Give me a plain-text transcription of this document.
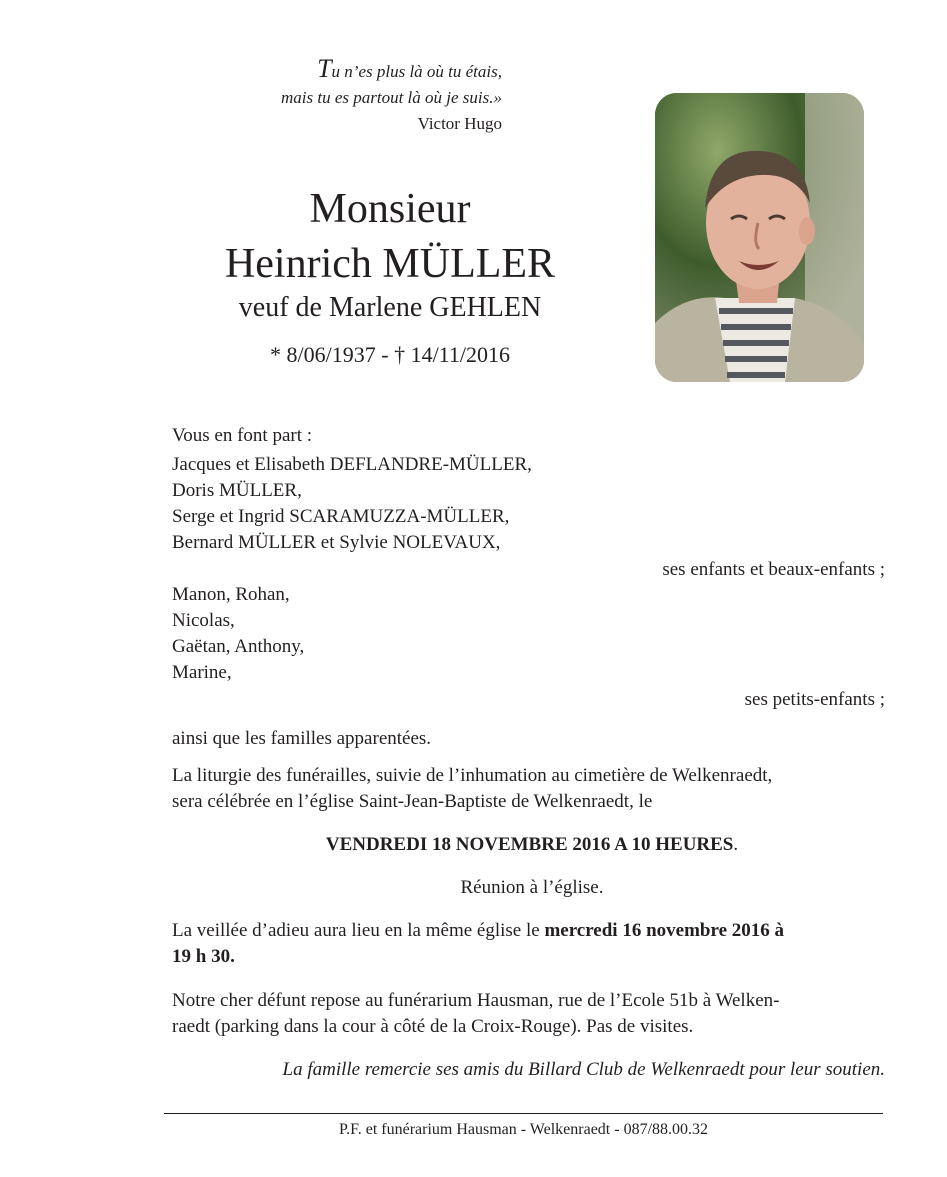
Tu n’es plus là où tu étais,
mais tu es partout là où je suis.»
Victor Hugo
Monsieur
Heinrich MÜLLER
veuf de Marlene GEHLEN
* 8/06/1937 - † 14/11/2016
Vous en font part :
Jacques et Elisabeth DEFLANDRE-MÜLLER,
Doris MÜLLER,
Serge et Ingrid SCARAMUZZA-MÜLLER,
Bernard MÜLLER et Sylvie NOLEVAUX,
ses enfants et beaux-enfants ;
Manon, Rohan,
Nicolas,
Gaëtan, Anthony,
Marine,
ses petits-enfants ;
ainsi que les familles apparentées.
La liturgie des funérailles, suivie de l’inhumation au cimetière de Welkenraedt,
sera célébrée en l’église Saint-Jean-Baptiste de Welkenraedt, le
VENDREDI 18 NOVEMBRE 2016 A 10 HEURES.
Réunion à l’église.
La veillée d’adieu aura lieu en la même église le mercredi 16 novembre 2016 à
19 h 30.
Notre cher défunt repose au funérarium Hausman, rue de l’Ecole 51b à Welken-
raedt (parking dans la cour à côté de la Croix-Rouge). Pas de visites.
La famille remercie ses amis du Billard Club de Welkenraedt pour leur soutien.
P.F. et funérarium Hausman - Welkenraedt - 087/88.00.32
